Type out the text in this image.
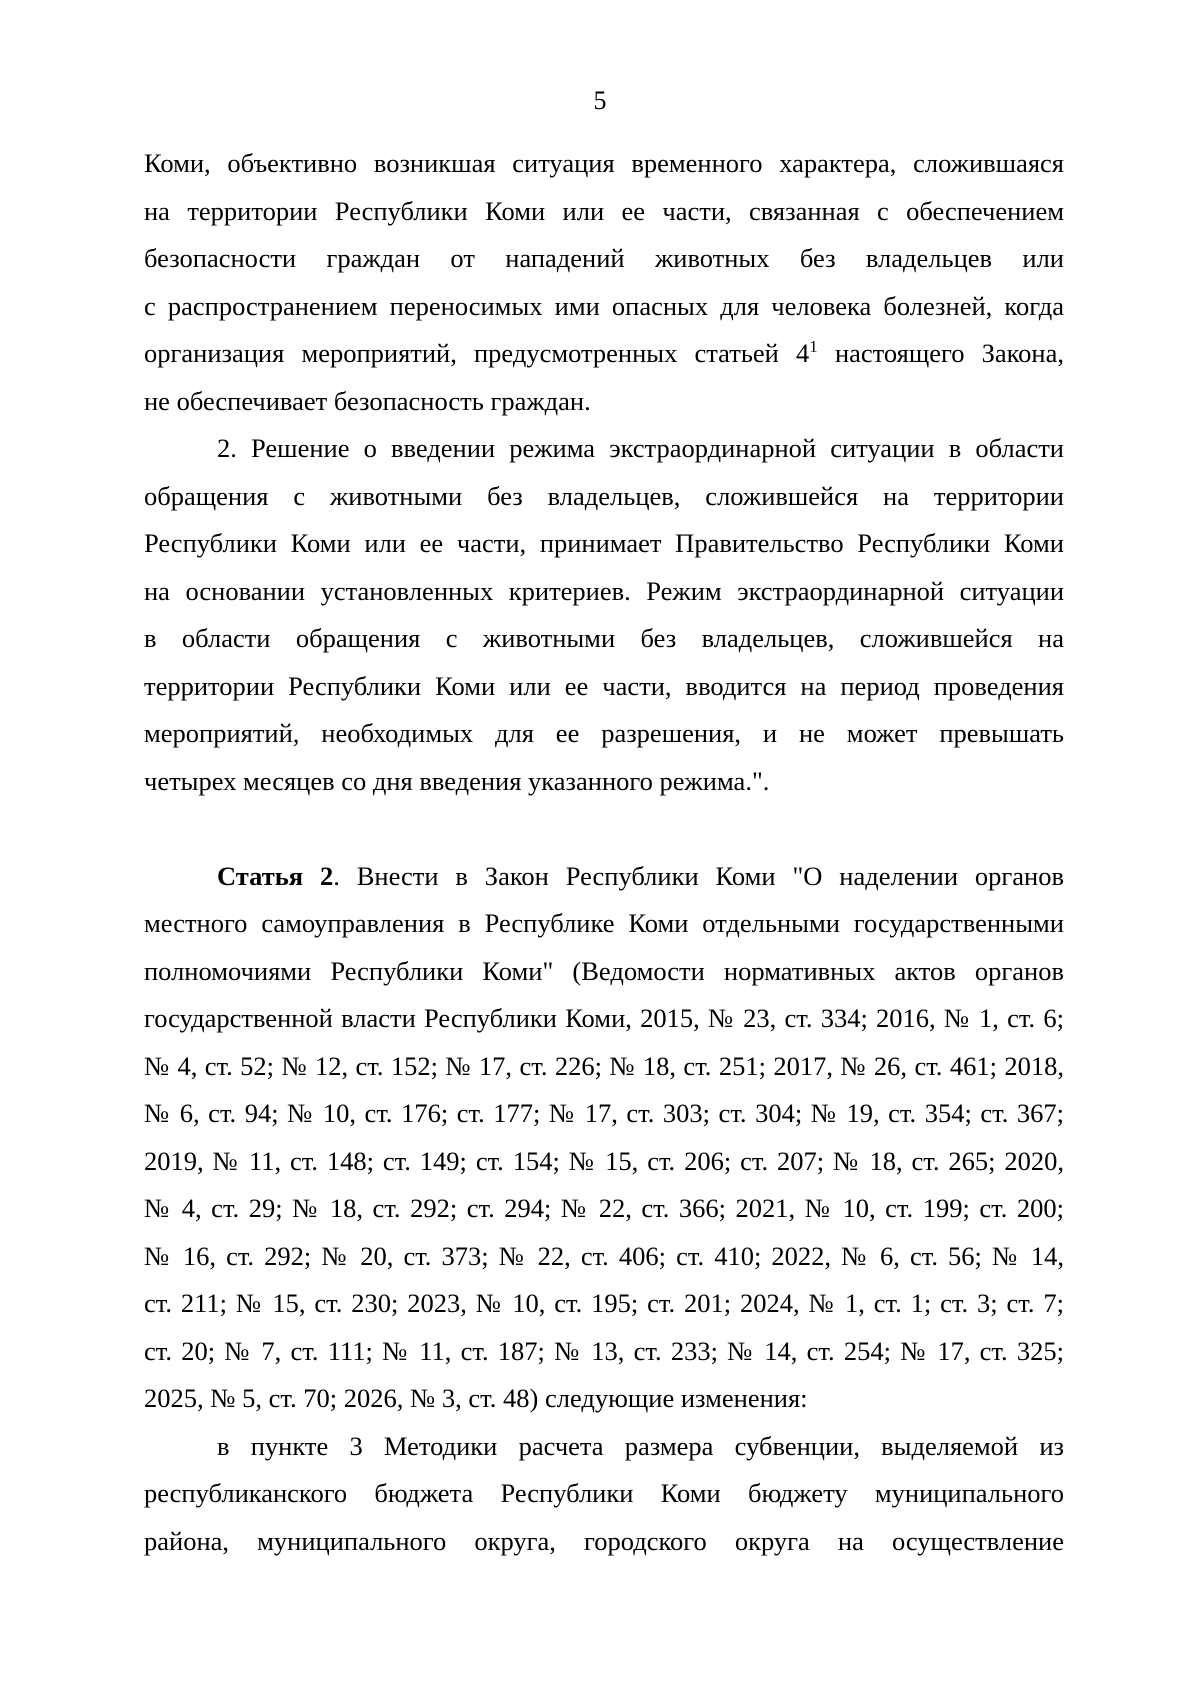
5
Коми, объективно возникшая ситуация временного характера, сложившаяся
на территории Республики Коми или ее части, связанная с обеспечением
безопасности граждан от нападений животных без владельцев или
с распространением переносимых ими опасных для человека болезней, когда
организация мероприятий, предусмотренных статьей $4^1$ настоящего Закона,
не обеспечивает безопасность граждан.
2. Решение о введении режима экстраординарной ситуации в области
обращения с животными без владельцев, сложившейся на территории
Республики Коми или ее части, принимает Правительство Республики Коми
на основании установленных критериев. Режим экстраординарной ситуации
в области обращения с животными без владельцев, сложившейся на
территории Республики Коми или ее части, вводится на период проведения
мероприятий, необходимых для ее разрешения, и не может превышать
четырех месяцев со дня введения указанного режима.".
Статья 2. Внести в Закон Республики Коми "О наделении органов
местного самоуправления в Республике Коми отдельными государственными
полномочиями Республики Коми" (Ведомости нормативных актов органов
государственной власти Республики Коми, 2015, № 23, ст. 334; 2016, № 1, ст. 6;
№ 4, ст. 52; № 12, ст. 152; № 17, ст. 226; № 18, ст. 251; 2017, № 26, ст. 461; 2018,
№ 6, ст. 94; № 10, ст. 176; ст. 177; № 17, ст. 303; ст. 304; № 19, ст. 354; ст. 367;
2019, № 11, ст. 148; ст. 149; ст. 154; № 15, ст. 206; ст. 207; № 18, ст. 265; 2020,
№ 4, ст. 29; № 18, ст. 292; ст. 294; № 22, ст. 366; 2021, № 10, ст. 199; ст. 200;
№ 16, ст. 292; № 20, ст. 373; № 22, ст. 406; ст. 410; 2022, № 6, ст. 56; № 14,
ст. 211; № 15, ст. 230; 2023, № 10, ст. 195; ст. 201; 2024, № 1, ст. 1; ст. 3; ст. 7;
ст. 20; № 7, ст. 111; № 11, ст. 187; № 13, ст. 233; № 14, ст. 254; № 17, ст. 325;
2025, № 5, ст. 70; 2026, № 3, ст. 48) следующие изменения:
в пункте 3 Методики расчета размера субвенции, выделяемой из
республиканского бюджета Республики Коми бюджету муниципального
района, муниципального округа, городского округа на осуществление
